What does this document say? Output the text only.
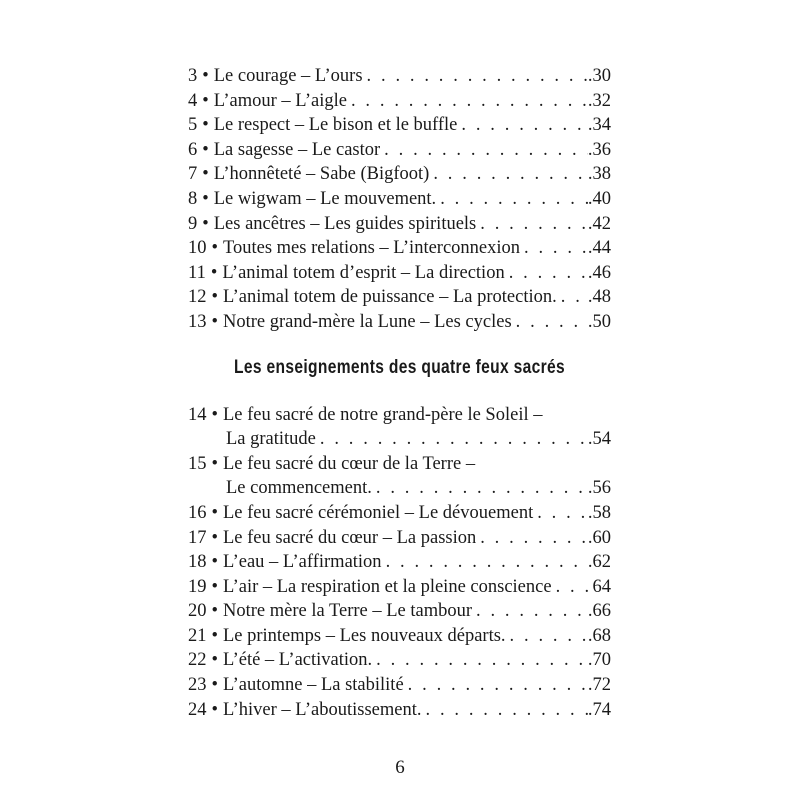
3 • Le courage – L’ours . . .	.30
4 • L’amour – L’aigle . . .	.32
5 • Le respect – Le bison et le buffle . . .	.34
6 • La sagesse – Le castor . . .	.36
7 • L’honnêteté – Sabe (Bigfoot) . . .	.38
8 • Le wigwam – Le mouvement. . . .	.40
9 • Les ancêtres – Les guides spirituels . . .	.42
10 • Toutes mes relations – L’interconnexion . . .	.44
11 • L’animal totem d’esprit – La direction . . .	.46
12 • L’animal totem de puissance – La protection. . . . .48
13 • Notre grand-mère la Lune – Les cycles . . .	.50
Les enseignements des quatre feux sacrés
14 • Le feu sacré de notre grand-père le Soleil –
La gratitude . . .	.54
15 • Le feu sacré du cœur de la Terre –
Le commencement. . . .	.56
16 • Le feu sacré cérémoniel – Le dévouement . . .	.58
17 • Le feu sacré du cœur – La passion . . .	.60
18 • L’eau – L’affirmation . . .	.62
19 • L’air – La respiration et la pleine conscience . . . 64
20 • Notre mère la Terre – Le tambour . . .	.66
21 • Le printemps – Les nouveaux départs. . . .	.68
22 • L’été – L’activation. . . .	.70
23 • L’automne – La stabilité . . .	.72
24 • L’hiver – L’aboutissement. . . .	.74
6
